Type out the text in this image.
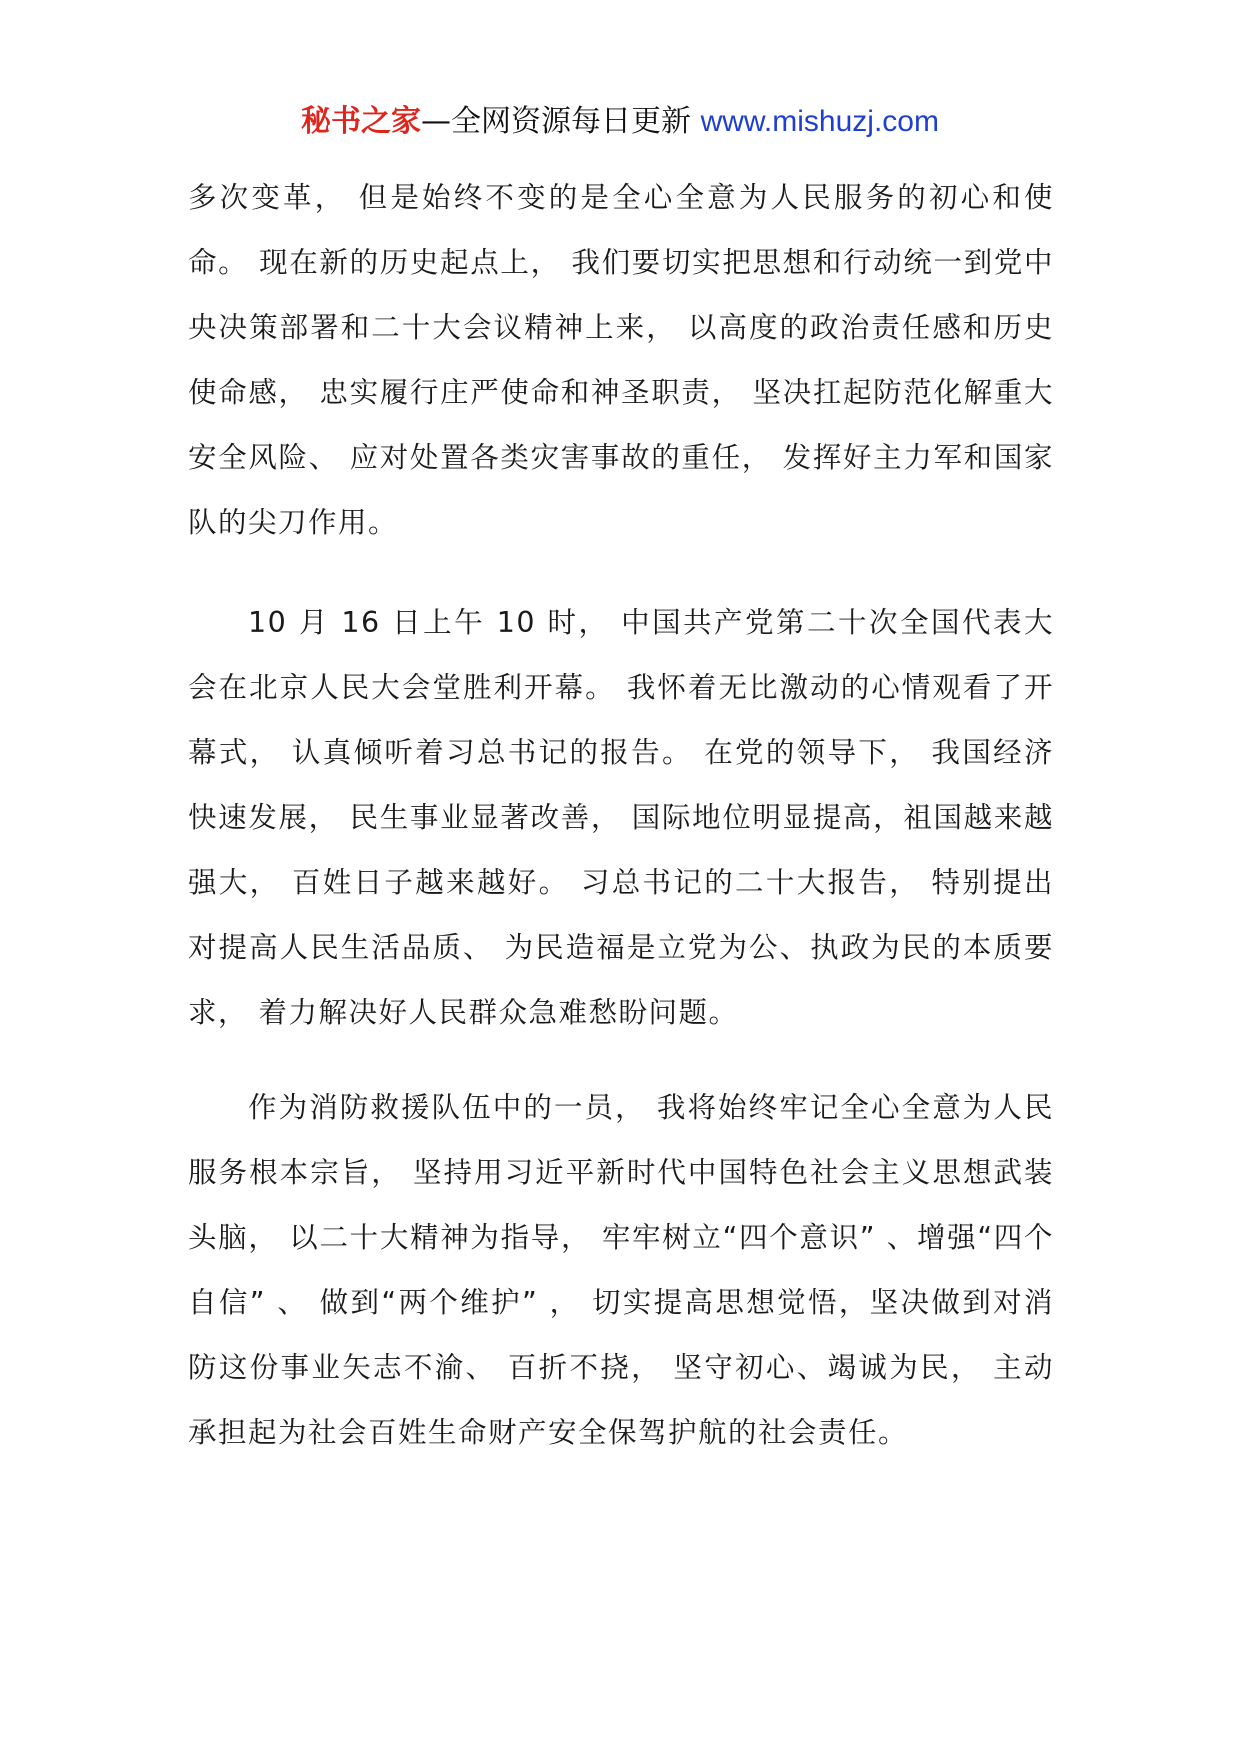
秘书之家—全网资源每日更新 www.mishuzj.com

多次变革， 但是始终不变的是全心全意为人民服务的初心和使命。 现在新的历史起点上， 我们要切实把思想和行动统一到党中央决策部署和二十大会议精神上来， 以高度的政治责任感和历史使命感， 忠实履行庄严使命和神圣职责， 坚决扛起防范化解重大安全风险、 应对处置各类灾害事故的重任， 发挥好主力军和国家队的尖刀作用。

10 月 16 日上午 10 时， 中国共产党第二十次全国代表大会在北京人民大会堂胜利开幕。 我怀着无比激动的心情观看了开幕式， 认真倾听着习总书记的报告。 在党的领导下， 我国经济快速发展， 民生事业显著改善， 国际地位明显提高，祖国越来越强大， 百姓日子越来越好。 习总书记的二十大报告， 特别提出对提高人民生活品质、 为民造福是立党为公、执政为民的本质要求， 着力解决好人民群众急难愁盼问题。

作为消防救援队伍中的一员， 我将始终牢记全心全意为人民服务根本宗旨， 坚持用习近平新时代中国特色社会主义思想武装头脑， 以二十大精神为指导， 牢牢树立“四个意识” 、增强“四个自信” 、 做到“两个维护” ， 切实提高思想觉悟，坚决做到对消防这份事业矢志不渝、 百折不挠， 坚守初心、竭诚为民， 主动承担起为社会百姓生命财产安全保驾护航的社会责任。
